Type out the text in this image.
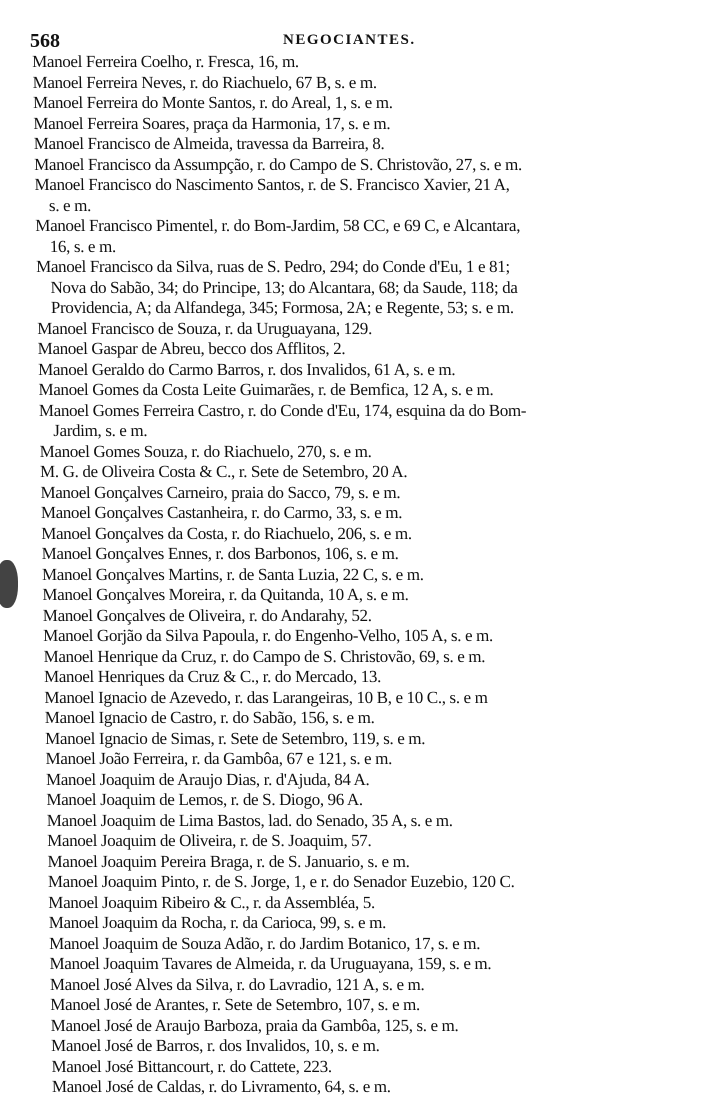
568	NEGOCIANTES.
Manoel Ferreira Coelho, r. Fresca, 16, m.
Manoel Ferreira Neves, r. do Riachuelo, 67 B, s. e m.
Manoel Ferreira do Monte Santos, r. do Areal, 1, s. e m.
Manoel Ferreira Soares, praça da Harmonia, 17, s. e m.
Manoel Francisco de Almeida, travessa da Barreira, 8.
Manoel Francisco da Assumpção, r. do Campo de S. Christovão, 27, s. e m.
Manoel Francisco do Nascimento Santos, r. de S. Francisco Xavier, 21 A,
s. e m.
Manoel Francisco Pimentel, r. do Bom-Jardim, 58 CC, e 69 C, e Alcantara,
16, s. e m.
Manoel Francisco da Silva, ruas de S. Pedro, 294; do Conde d'Eu, 1 e 81;
Nova do Sabão, 34; do Principe, 13; do Alcantara, 68; da Saude, 118; da
Providencia, A; da Alfandega, 345; Formosa, 2A; e Regente, 53; s. e m.
Manoel Francisco de Souza, r. da Uruguayana, 129.
Manoel Gaspar de Abreu, becco dos Afflitos, 2.
Manoel Geraldo do Carmo Barros, r. dos Invalidos, 61 A, s. e m.
Manoel Gomes da Costa Leite Guimarães, r. de Bemfica, 12 A, s. e m.
Manoel Gomes Ferreira Castro, r. do Conde d'Eu, 174, esquina da do Bom-
Jardim, s. e m.
Manoel Gomes Souza, r. do Riachuelo, 270, s. e m.
M. G. de Oliveira Costa & C., r. Sete de Setembro, 20 A.
Manoel Gonçalves Carneiro, praia do Sacco, 79, s. e m.
Manoel Gonçalves Castanheira, r. do Carmo, 33, s. e m.
Manoel Gonçalves da Costa, r. do Riachuelo, 206, s. e m.
Manoel Gonçalves Ennes, r. dos Barbonos, 106, s. e m.
Manoel Gonçalves Martins, r. de Santa Luzia, 22 C, s. e m.
Manoel Gonçalves Moreira, r. da Quitanda, 10 A, s. e m.
Manoel Gonçalves de Oliveira, r. do Andarahy, 52.
Manoel Gorjão da Silva Papoula, r. do Engenho-Velho, 105 A, s. e m.
Manoel Henrique da Cruz, r. do Campo de S. Christovão, 69, s. e m.
Manoel Henriques da Cruz & C., r. do Mercado, 13.
Manoel Ignacio de Azevedo, r. das Larangeiras, 10 B, e 10 C., s. e m
Manoel Ignacio de Castro, r. do Sabão, 156, s. e m.
Manoel Ignacio de Simas, r. Sete de Setembro, 119, s. e m.
Manoel João Ferreira, r. da Gambôa, 67 e 121, s. e m.
Manoel Joaquim de Araujo Dias, r. d'Ajuda, 84 A.
Manoel Joaquim de Lemos, r. de S. Diogo, 96 A.
Manoel Joaquim de Lima Bastos, lad. do Senado, 35 A, s. e m.
Manoel Joaquim de Oliveira, r. de S. Joaquim, 57.
Manoel Joaquim Pereira Braga, r. de S. Januario, s. e m.
Manoel Joaquim Pinto, r. de S. Jorge, 1, e r. do Senador Euzebio, 120 C.
Manoel Joaquim Ribeiro & C., r. da Assembléa, 5.
Manoel Joaquim da Rocha, r. da Carioca, 99, s. e m.
Manoel Joaquim de Souza Adão, r. do Jardim Botanico, 17, s. e m.
Manoel Joaquim Tavares de Almeida, r. da Uruguayana, 159, s. e m.
Manoel José Alves da Silva, r. do Lavradio, 121 A, s. e m.
Manoel José de Arantes, r. Sete de Setembro, 107, s. e m.
Manoel José de Araujo Barboza, praia da Gambôa, 125, s. e m.
Manoel José de Barros, r. dos Invalidos, 10, s. e m.
Manoel José Bittancourt, r. do Cattete, 223.
Manoel José de Caldas, r. do Livramento, 64, s. e m.
